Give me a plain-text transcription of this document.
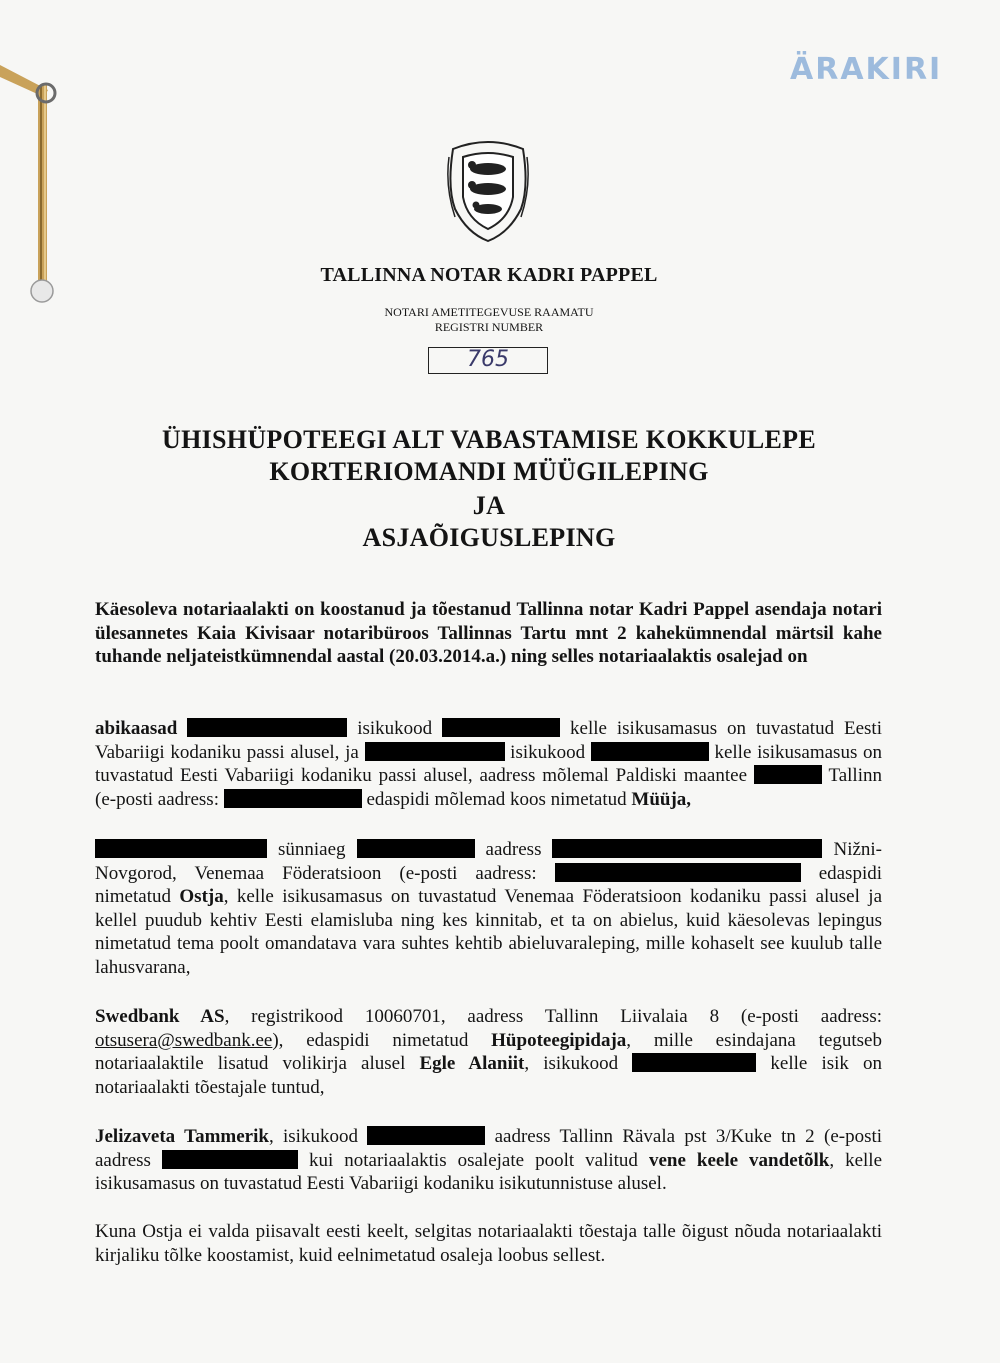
ÄRAKIRI
TALLINNA NOTAR KADRI PAPPEL
NOTARI AMETITEGEVUSE RAAMATU
REGISTRI NUMBER
765
ÜHISHÜPOTEEGI ALT VABASTAMISE KOKKULEPE
KORTERIOMANDI MÜÜGILEPING
JA
ASJAÕIGUSLEPING
Käesoleva notariaalakti on koostanud ja tõestanud Tallinna notar Kadri Pappel asendaja notari ülesannetes Kaia Kivisaar notaribüroos Tallinnas Tartu mnt 2 kahekümnendal märtsil kahe tuhande neljateistkümnendal aastal (20.03.2014.a.) ning selles notariaalaktis osalejad on
abikaasad	isikukood	kelle isikusamasus on tuvastatud Eesti Vabariigi kodaniku passi alusel, ja	isikukood	kelle isikusamasus on tuvastatud Eesti Vabariigi kodaniku passi alusel, aadress mõlemal Paldiski maantee	Tallinn (e-posti aadress:	edaspidi mõlemad koos nimetatud Müüja,
sünniaeg	aadress	Nižni-Novgorod, Venemaa Föderatsioon (e-posti aadress:	edaspidi nimetatud Ostja, kelle isikusamasus on tuvastatud Venemaa Föderatsioon kodaniku passi alusel ja kellel puudub kehtiv Eesti elamisluba ning kes kinnitab, et ta on abielus, kuid käesolevas lepingus nimetatud tema poolt omandatava vara suhtes kehtib abieluvaraleping, mille kohaselt see kuulub talle lahusvarana,
Swedbank AS, registrikood 10060701, aadress Tallinn Liivalaia 8 (e-posti aadress: otsusera@swedbank.ee), edaspidi nimetatud Hüpoteegipidaja, mille esindajana tegutseb notariaalaktile lisatud volikirja alusel Egle Alaniit, isikukood	kelle isik on notariaalakti tõestajale tuntud,
Jelizaveta Tammerik, isikukood	aadress Tallinn Rävala pst 3/Kuke tn 2 (e-posti aadress	kui notariaalaktis osalejate poolt valitud vene keele vandetõlk, kelle isikusamasus on tuvastatud Eesti Vabariigi kodaniku isikutunnistuse alusel.
Kuna Ostja ei valda piisavalt eesti keelt, selgitas notariaalakti tõestaja talle õigust nõuda notariaalakti kirjaliku tõlke koostamist, kuid eelnimetatud osaleja loobus sellest.
